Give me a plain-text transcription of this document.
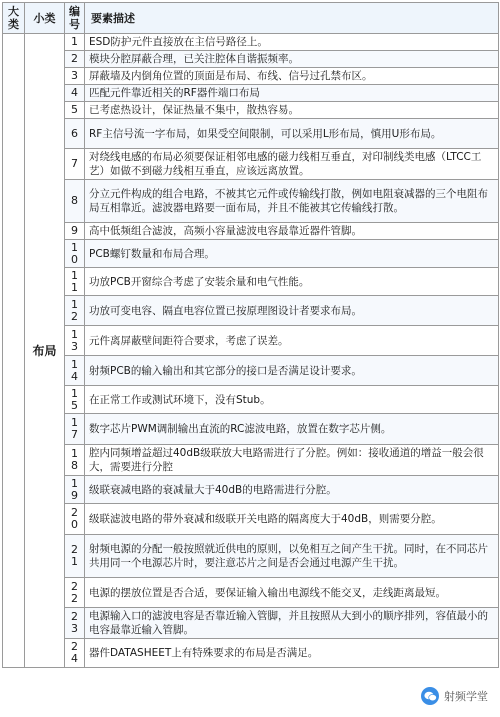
大类	小类	编号	要素描述
	布局	1	ESD防护元件直接放在主信号路径上。
		2	模块分腔屏蔽合理，已关注腔体自谐振频率。
		3	屏蔽墙及内倒角位置的顶面是布局、布线、信号过孔禁布区。
		4	匹配元件靠近相关的RF器件端口布局
		5	已考虑热设计，保证热量不集中，散热容易。
		6	RF主信号流一字布局，如果受空间限制，可以采用L形布局，慎用U形布局。
		7	对绕线电感的布局必须要保证相邻电感的磁力线相互垂直，对印制线类电感（LTCC工艺）如做不到磁力线相互垂直，应该远离放置。
		8	分立元件构成的组合电路，不被其它元件或传输线打散，例如电阻衰减器的三个电阻布局互相靠近。滤波器电路要一面布局，并且不能被其它传输线打散。
		9	高中低频组合滤波，高频小容量滤波电容最靠近器件管脚。
		10	PCB螺钉数量和布局合理。
		11	功放PCB开窗综合考虑了安装余量和电气性能。
		12	功放可变电容、隔直电容位置已按原理图设计者要求布局。
		13	元件离屏蔽壁间距符合要求，考虑了误差。
		14	射频PCB的输入输出和其它部分的接口是否满足设计要求。
		15	在正常工作或测试环境下，没有Stub。
		17	数字芯片PWM调制输出直流的RC滤波电路，放置在数字芯片侧。
		18	腔内同频增益超过40dB级联放大电路需进行了分腔。例如：接收通道的增益一般会很大，需要进行分腔
		19	级联衰减电路的衰减量大于40dB的电路需进行分腔。
		20	级联滤波电路的带外衰减和级联开关电路的隔离度大于40dB，则需要分腔。
		21	射频电源的分配一般按照就近供电的原则，以免相互之间产生干扰。同时，在不同芯片共用同一个电源芯片时，要注意芯片之间是否会通过电源产生干扰。
		22	电源的摆放位置是否合适，要保证输入输出电源线不能交叉，走线距离最短。
		23	电源输入口的滤波电容是否靠近输入管脚，并且按照从大到小的顺序排列，容值最小的电容最靠近输入管脚。
		24	器件DATASHEET上有特殊要求的布局是否满足。
射频学堂
